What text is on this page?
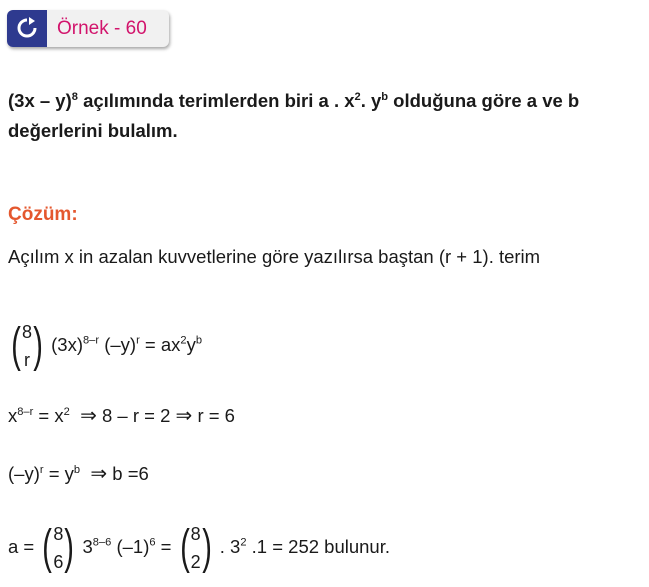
Örnek - 60
(3x – y)$^8$ açılımında terimlerden biri a . $x^2$. $y^b$ olduğuna göre a ve b değerlerini bulalım.
Çözüm:
Açılım x in azalan kuvvetlerine göre yazılırsa baştan (r + 1). terim
( 8
r ) $(3x)^{8-r}$ $(-y)^r = ax^2y^b$
$x^{8-r} = x^2$ ⇒ 8 – r = 2 ⇒ r = 6
$(-y)^r = y^b$ ⇒ b =6
a = ( 8
6 ) 3$^{8-6}$ $(-1)^6$ = ( 8
2 ) . $3^2$ .1 = 252 bulunur.
